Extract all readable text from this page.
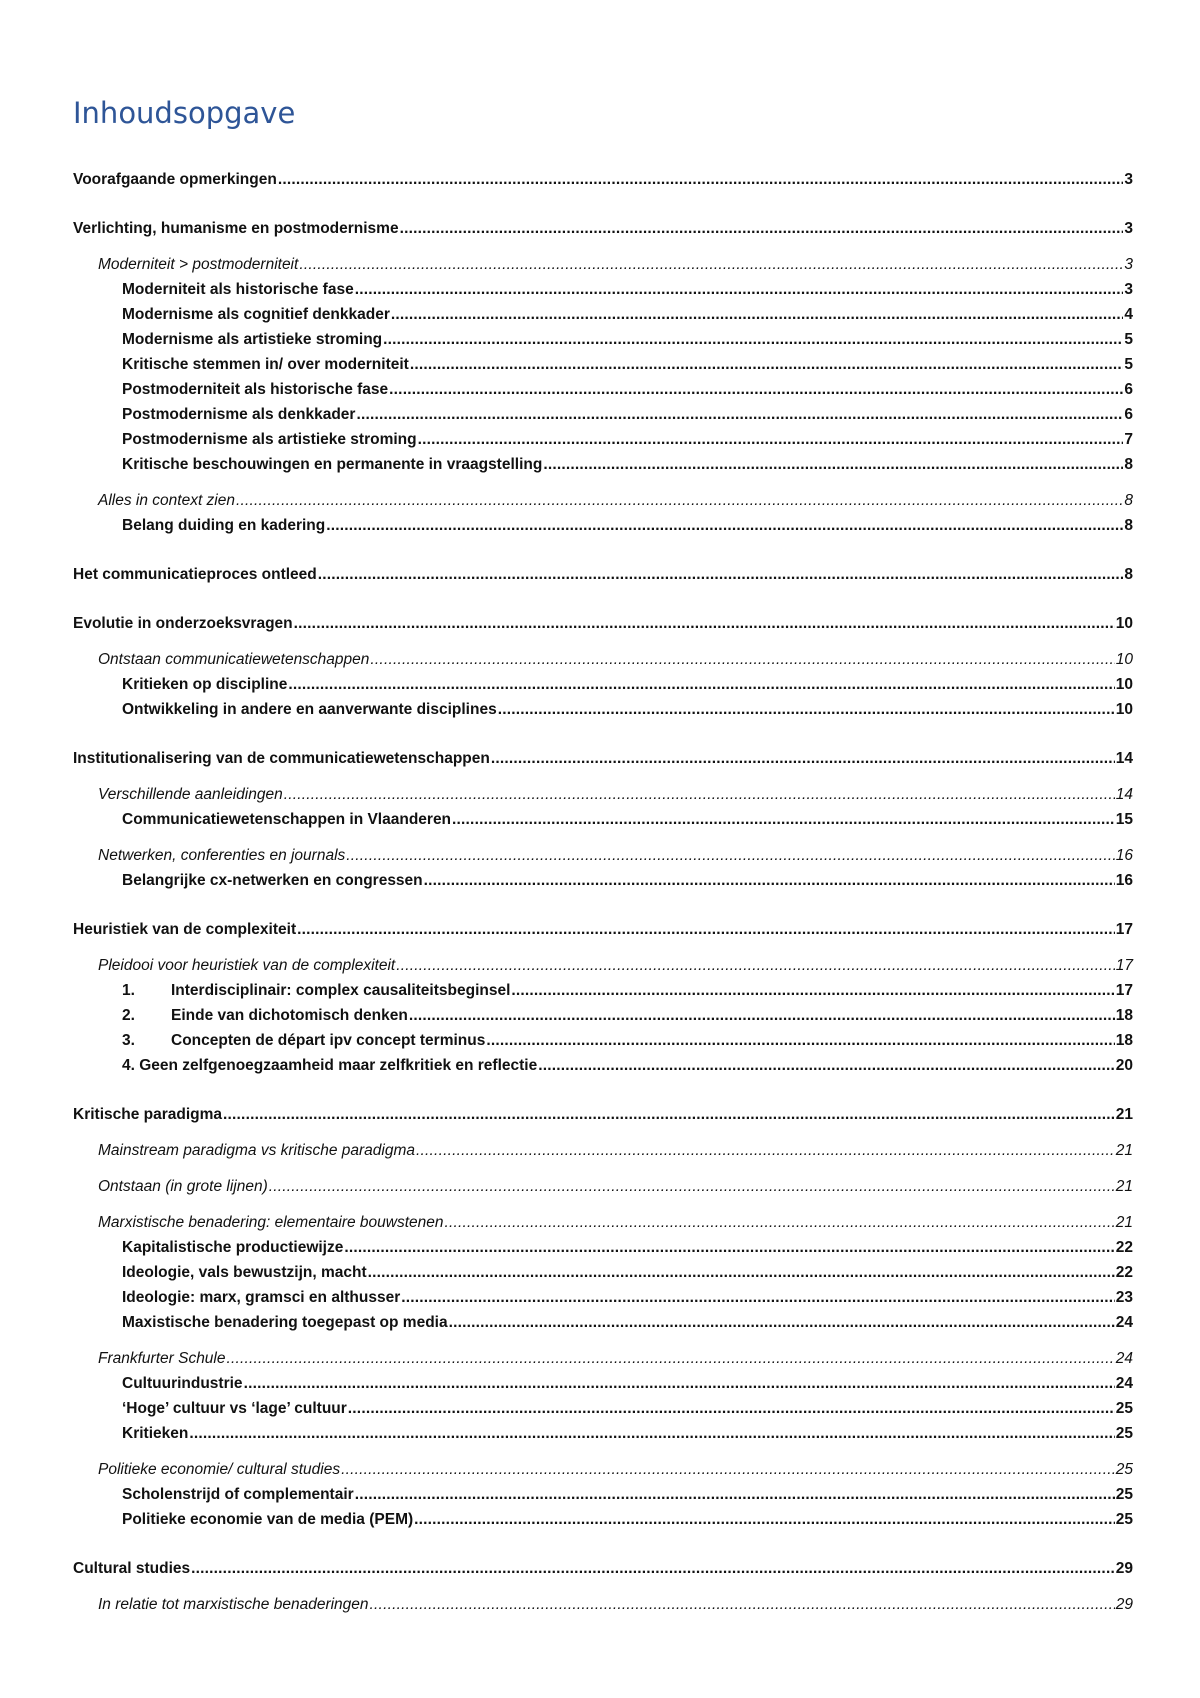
Inhoudsopgave
Voorafgaande opmerkingen .....	3
Verlichting, humanisme en postmodernisme .....	3
Moderniteit > postmoderniteit .....	3
Moderniteit als historische fase .....	3
Modernisme als cognitief denkkader .....	4
Modernisme als artistieke stroming .....	5
Kritische stemmen in/ over moderniteit .....	5
Postmoderniteit als historische fase .....	6
Postmodernisme als denkkader .....	6
Postmodernisme als artistieke stroming .....	7
Kritische beschouwingen en permanente in vraagstelling .....	8
Alles in context zien .....	8
Belang duiding en kadering .....	8
Het communicatieproces ontleed .....	8
Evolutie in onderzoeksvragen .....	10
Ontstaan communicatiewetenschappen .....	10
Kritieken op discipline .....	10
Ontwikkeling in andere en aanverwante disciplines .....	10
Institutionalisering van de communicatiewetenschappen .....	14
Verschillende aanleidingen .....	14
Communicatiewetenschappen in Vlaanderen .....	15
Netwerken, conferenties en journals .....	16
Belangrijke cx-netwerken en congressen .....	16
Heuristiek van de complexiteit .....	17
Pleidooi voor heuristiek van de complexiteit .....	17
1. Interdisciplinair: complex causaliteitsbeginsel .....	17
2. Einde van dichotomisch denken .....	18
3. Concepten de départ ipv concept terminus .....	18
4. Geen zelfgenoegzaamheid maar zelfkritiek en reflectie .....	20
Kritische paradigma .....	21
Mainstream paradigma vs kritische paradigma .....	21
Ontstaan (in grote lijnen) .....	21
Marxistische benadering: elementaire bouwstenen .....	21
Kapitalistische productiewijze .....	22
Ideologie, vals bewustzijn, macht .....	22
Ideologie: marx, gramsci en althusser .....	23
Maxistische benadering toegepast op media .....	24
Frankfurter Schule .....	24
Cultuurindustrie .....	24
‘Hoge’ cultuur vs ‘lage’ cultuur .....	25
Kritieken .....	25
Politieke economie/ cultural studies .....	25
Scholenstrijd of complementair .....	25
Politieke economie van de media (PEM) .....	25
Cultural studies .....	29
In relatie tot marxistische benaderingen .....	29
